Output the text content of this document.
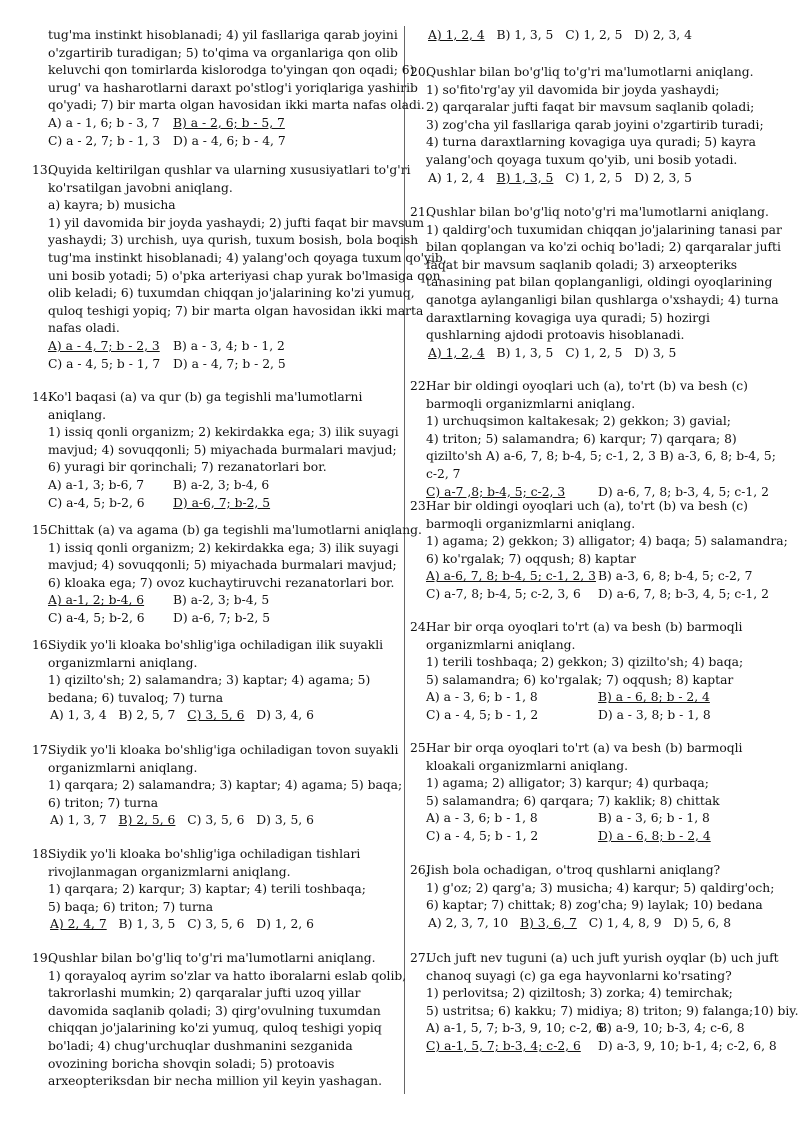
tug'ma instinkt hisoblanadi; 4) yil fasllariga qarab joyini
o'zgartirib turadigan; 5) to'qima va organlariga qon olib
keluvchi qon tomirlarda kislorodga to'yingan qon oqadi; 6)
urug' va hasharotlarni daraxt po'stlog'i yoriqlariga yashirib
qo'yadi; 7) bir marta olgan havosidan ikki marta nafas oladi.
A) a - 1, 6; b - 3, 7	B) a - 2, 6; b - 5, 7
C) a - 2, 7; b - 1, 3	D) a - 4, 6; b - 4, 7
13.
Quyida keltirilgan qushlar va ularning xususiyatlari to'g'ri
ko'rsatilgan javobni aniqlang.
a) kayra; b) musicha
1) yil davomida bir joyda yashaydi; 2) jufti faqat bir mavsum
yashaydi; 3) urchish, uya qurish, tuxum bosish, bola boqish
tug'ma instinkt hisoblanadi; 4) yalang'och qoyaga tuxum qo'yib,
uni bosib yotadi; 5) o'pka arteriyasi chap yurak bo'lmasiga qon
olib keladi; 6) tuxumdan chiqqan jo'jalarining ko'zi yumuq,
quloq teshigi yopiq; 7) bir marta olgan havosidan ikki marta
nafas oladi.
A) a - 4, 7; b - 2, 3	B) a - 3, 4; b - 1, 2
C) a - 4, 5; b - 1, 7	D) a - 4, 7; b - 2, 5
14.
Ko'l baqasi (a) va qur (b) ga tegishli ma'lumotlarni
aniqlang.
1) issiq qonli organizm; 2) kekirdakka ega; 3) ilik suyagi
mavjud; 4) sovuqqonli; 5) miyachada burmalari mavjud;
6) yuragi bir qorinchali; 7) rezanatorlari bor.
A) a-1, 3; b-6, 7	B) a-2, 3; b-4, 6
C) a-4, 5; b-2, 6	D) a-6, 7; b-2, 5
15.
Chittak (a) va agama (b) ga tegishli ma'lumotlarni aniqlang.
1) issiq qonli organizm; 2) kekirdakka ega; 3) ilik suyagi
mavjud; 4) sovuqqonli; 5) miyachada burmalari mavjud;
6) kloaka ega; 7) ovoz kuchaytiruvchi rezanatorlari bor.
A) a-1, 2; b-4, 6	B) a-2, 3; b-4, 5
C) a-4, 5; b-2, 6	D) a-6, 7; b-2, 5
16.
Siydik yo'li kloaka bo'shlig'iga ochiladigan ilik suyakli
organizmlarni aniqlang.
1) qizilto'sh; 2) salamandra; 3) kaptar; 4) agama; 5)
bedana; 6) tuvaloq; 7) turna
A) 1, 3, 4 B) 2, 5, 7 C) 3, 5, 6 D) 3, 4, 6
17.
Siydik yo'li kloaka bo'shlig'iga ochiladigan tovon suyakli
organizmlarni aniqlang.
1) qarqara; 2) salamandra; 3) kaptar; 4) agama; 5) baqa;
6) triton; 7) turna
A) 1, 3, 7 B) 2, 5, 6 C) 3, 5, 6 D) 3, 5, 6
18.
Siydik yo'li kloaka bo'shlig'iga ochiladigan tishlari
rivojlanmagan organizmlarni aniqlang.
1) qarqara; 2) karqur; 3) kaptar; 4) terili toshbaqa;
5) baqa; 6) triton; 7) turna
A) 2, 4, 7 B) 1, 3, 5 C) 3, 5, 6 D) 1, 2, 6
19.
Qushlar bilan bo'g'liq to'g'ri ma'lumotlarni aniqlang.
1) qorayaloq ayrim so'zlar va hatto iboralarni eslab qolib,
takrorlashi mumkin; 2) qarqaralar jufti uzoq yillar
davomida saqlanib qoladi; 3) qirg'ovulning tuxumdan
chiqqan jo'jalarining ko'zi yumuq, quloq teshigi yopiq
bo'ladi; 4) chug'urchuqlar dushmanini sezganida
ovozining boricha shovqin soladi; 5) protoavis
arxeopteriksdan bir necha million yil keyin yashagan.
A) 1, 2, 4 B) 1, 3, 5 C) 1, 2, 5 D) 2, 3, 4
20.
Qushlar bilan bo'g'liq to'g'ri ma'lumotlarni aniqlang.
1) so'fito'rg'ay yil davomida bir joyda yashaydi;
2) qarqaralar jufti faqat bir mavsum saqlanib qoladi;
3) zog'cha yil fasllariga qarab joyini o'zgartirib turadi;
4) turna daraxtlarning kovagiga uya quradi; 5) kayra
yalang'och qoyaga tuxum qo'yib, uni bosib yotadi.
A) 1, 2, 4 B) 1, 3, 5 C) 1, 2, 5 D) 2, 3, 5
21.
Qushlar bilan bo'g'liq noto'g'ri ma'lumotlarni aniqlang.
1) qaldirg'och tuxumidan chiqqan jo'jalarining tanasi par
bilan qoplangan va ko'zi ochiq bo'ladi; 2) qarqaralar jufti
faqat bir mavsum saqlanib qoladi; 3) arxeopteriks
tanasining pat bilan qoplanganligi, oldingi oyoqlarining
qanotga aylanganligi bilan qushlarga o'xshaydi; 4) turna
daraxtlarning kovagiga uya quradi; 5) hozirgi
qushlarning ajdodi protoavis hisoblanadi.
A) 1, 2, 4 B) 1, 3, 5 C) 1, 2, 5 D) 3, 5
22.
Har bir oldingi oyoqlari uch (a), to'rt (b) va besh (c)
barmoqli organizmlarni aniqlang.
1) urchuqsimon kaltakesak; 2) gekkon; 3) gavial;
4) triton; 5) salamandra; 6) karqur; 7) qarqara; 8)
qizilto'sh A) a-6, 7, 8; b-4, 5; c-1, 2, 3 B) a-3, 6, 8; b-4, 5;
c-2, 7
C) a-7 ,8; b-4, 5; c-2, 3	D) a-6, 7, 8; b-3, 4, 5; c-1, 2
23.
Har bir oldingi oyoqlari uch (a), to'rt (b) va besh (c)
barmoqli organizmlarni aniqlang.
1) agama; 2) gekkon; 3) alligator; 4) baqa; 5) salamandra;
6) ko'rgalak; 7) oqqush; 8) kaptar
A) a-6, 7, 8; b-4, 5; c-1, 2, 3 B) a-3, 6, 8; b-4, 5; c-2, 7
C) a-7, 8; b-4, 5; c-2, 3, 6	D) a-6, 7, 8; b-3, 4, 5; c-1, 2
24.
Har bir orqa oyoqlari to'rt (a) va besh (b) barmoqli
organizmlarni aniqlang.
1) terili toshbaqa; 2) gekkon; 3) qizilto'sh; 4) baqa;
5) salamandra; 6) ko'rgalak; 7) oqqush; 8) kaptar
A) a - 3, 6; b - 1, 8	B) a - 6, 8; b - 2, 4
C) a - 4, 5; b - 1, 2	D) a - 3, 8; b - 1, 8
25.
Har bir orqa oyoqlari to'rt (a) va besh (b) barmoqli
kloakali organizmlarni aniqlang.
1) agama; 2) alligator; 3) karqur; 4) qurbaqa;
5) salamandra; 6) qarqara; 7) kaklik; 8) chittak
A) a - 3, 6; b - 1, 8	B) a - 3, 6; b - 1, 8
C) a - 4, 5; b - 1, 2	D) a - 6, 8; b - 2, 4
26.
Jish bola ochadigan, o'troq qushlarni aniqlang?
1) g'oz; 2) qarg'a; 3) musicha; 4) karqur; 5) qaldirg'och;
6) kaptar; 7) chittak; 8) zog'cha; 9) laylak; 10) bedana
A) 2, 3, 7, 10 B) 3, 6, 7 C) 1, 4, 8, 9 D) 5, 6, 8
27.
Uch juft nev tuguni (a) uch juft yurish oyqlar (b) uch juft
chanoq suyagi (c) ga ega hayvonlarni ko'rsating?
1) perlovitsa; 2) qiziltosh; 3) zorka; 4) temirchak;
5) ustritsa; 6) kakku; 7) midiya; 8) triton; 9) falanga;10) biy.
A) a-1, 5, 7; b-3, 9, 10; c-2, 6
B) a-9, 10; b-3, 4; c-6, 8
C) a-1, 5, 7; b-3, 4; c-2, 6	D) a-3, 9, 10; b-1, 4; c-2, 6, 8
